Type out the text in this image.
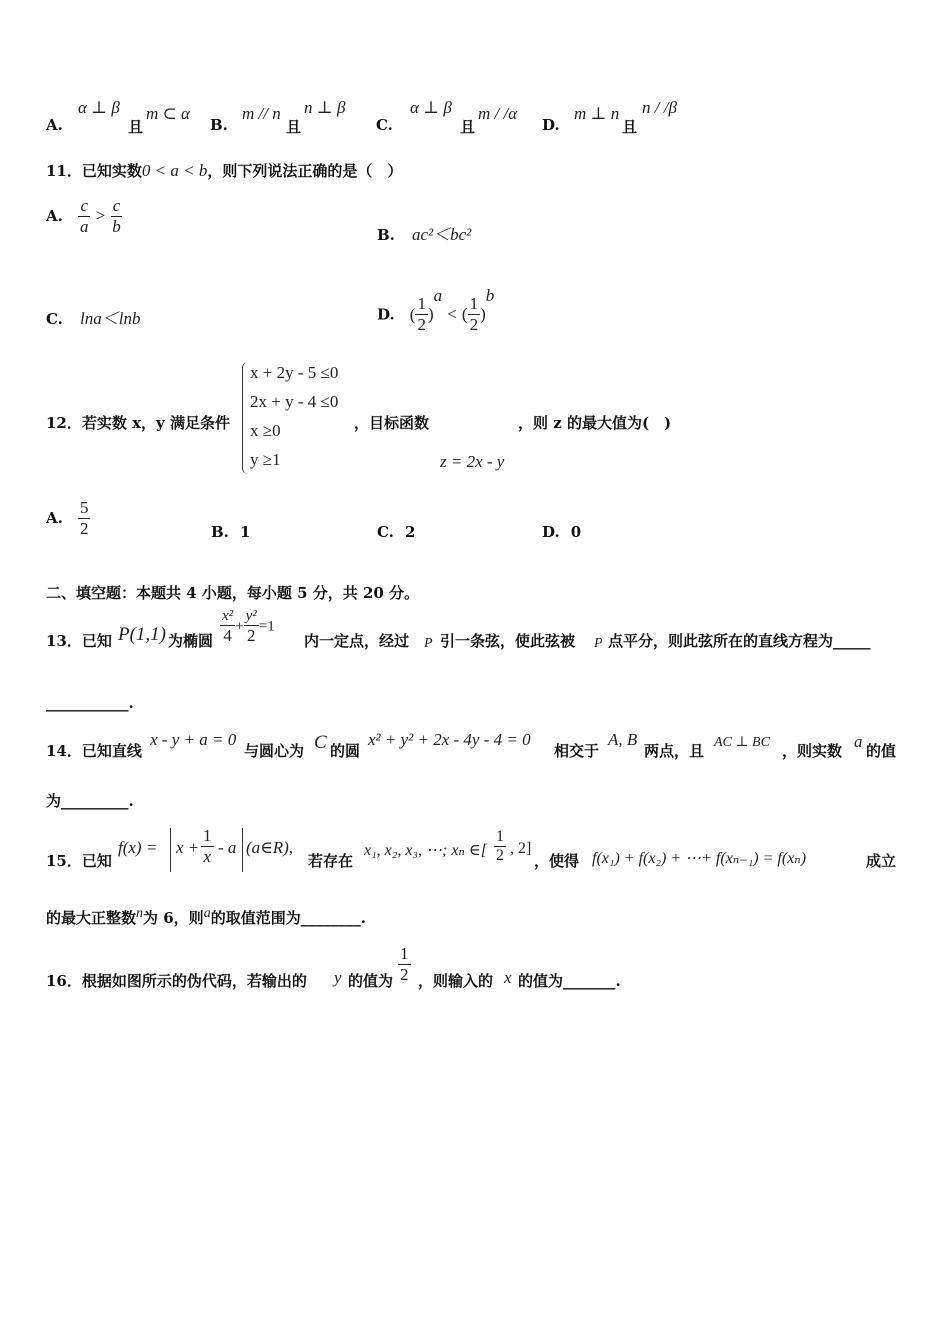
A.
α ⊥ β
且
m ⊂ α
B.
m // n
且
n ⊥ β
C.
α ⊥ β
且
m / /α
D.
m ⊥ n
且
n / /β
11．已知实数0 < a < b，则下列说法正确的是（　）
A. $\frac{c}{a} > \frac{c}{b}$	B. ac²＜bc²
C. lna＜lnb	D. ( $\frac{1}{2} )^a$ < ( $\frac{1}{2} )^b$
12．若实数 x，y 满足条件
x + 2y - 5 ≤0
2x + y - 4 ≤0
x ≥0
y ≥1
，目标函数
z = 2x - y
，则 z 的最大值为(　)
A. $\frac{5}{2}$	B. 1	C. 2	D. 0
二、填空题：本题共 4 小题，每小题 5 分，共 20 分。
13．已知 P(1,1) 为椭圆 $\frac{\text{x²}}{4} + \frac{\text{y²}}{2} =1$
内一定点，经过 P 引一条弦，使此弦被 P 点平分，则此弦所在的直线方程为_____
___________.
14．已知直线
x - y + a = 0
与圆心为 C 的圆
x² + y² + 2x - 4y - 4 = 0
相交于
A, B
两点，且 AC ⊥ BC ，则实数 a 的值
为_________.
15．已知
$f(x) = x + \frac{1}{x} - a$ (a∈R),
若存在
x₁, x₂, x₃, ⋯; xₙ ∈[ $\frac{1}{2}$ , 2]
，使得 f(x₁) + f(x₂) + ⋯+ f(xₙ₋₁) = f(xₙ)	成立
的最大正整数$^n$为 6，则$^a$的取值范围为________.
16．根据如图所示的伪代码，若输出的 y 的值为 $\frac{1}{2}$ ，则输入的 x 的值为_______.
